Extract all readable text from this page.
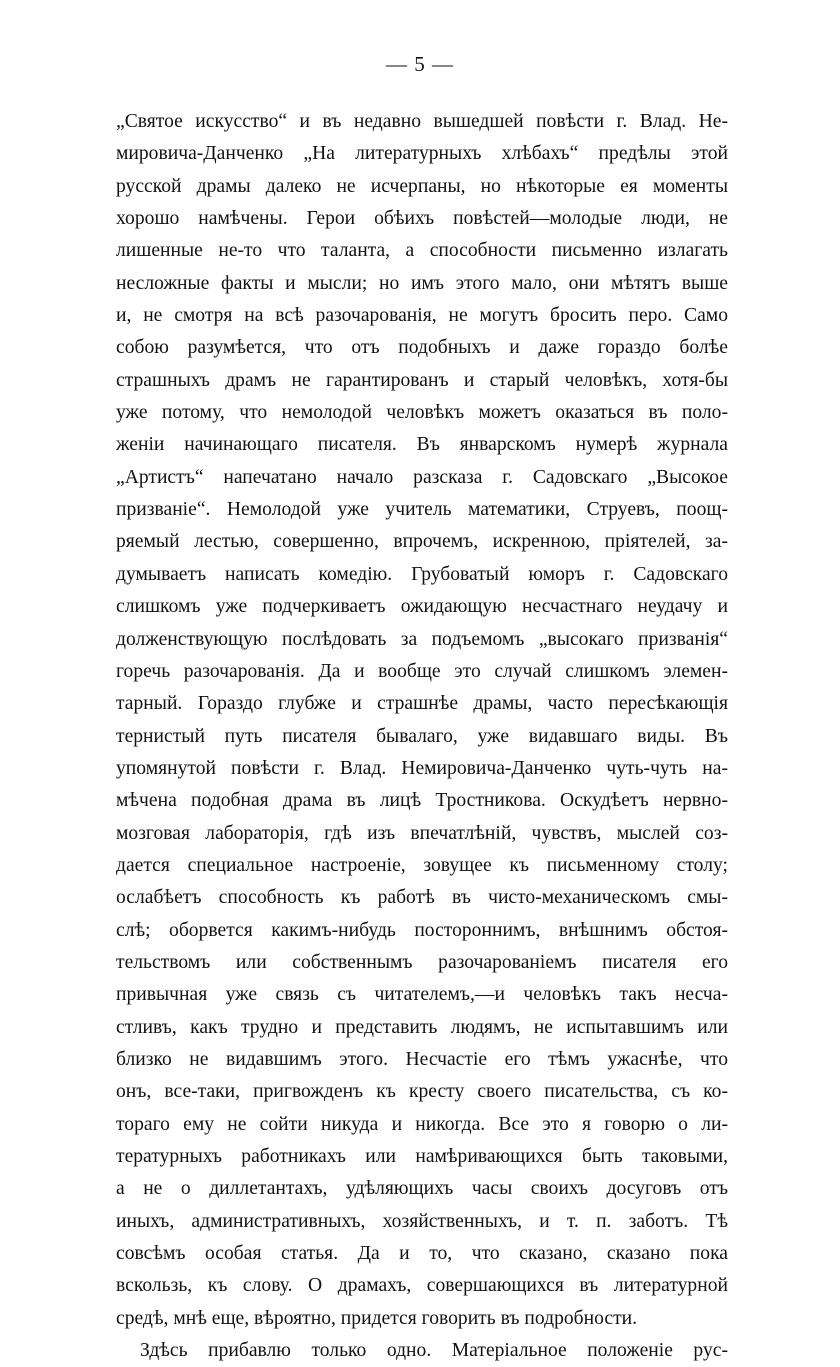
— 5 —
„Святое искусство“ и въ недавно вышедшей повѣсти г. Влад. Не-
мировича-Данченко „На литературныхъ хлѣбахъ“ предѣлы этой
русской драмы далеко не исчерпаны, но нѣкоторые ея моменты
хорошо намѣчены. Герои обѣихъ повѣстей—молодые люди, не
лишенные не-то что таланта, а способности письменно излагать
несложные факты и мысли; но имъ этого мало, они мѣтятъ выше
и, не смотря на всѣ разочарованія, не могутъ бросить перо. Само
собою разумѣется, что отъ подобныхъ и даже гораздо болѣе
страшныхъ драмъ не гарантированъ и старый человѣкъ, хотя-бы
уже потому, что немолодой человѣкъ можетъ оказаться въ поло-
женіи начинающаго писателя. Въ январскомъ нумерѣ журнала
„Артистъ“ напечатано начало разсказа г. Садовскаго „Высокое
призваніе“. Немолодой уже учитель математики, Струевъ, поощ-
ряемый лестью, совершенно, впрочемъ, искренною, пріятелей, за-
думываетъ написать комедію. Грубоватый юморъ г. Садовскаго
слишкомъ уже подчеркиваетъ ожидающую несчастнаго неудачу и
долженствующую послѣдовать за подъемомъ „высокаго призванія“
горечь разочарованія. Да и вообще это случай слишкомъ элемен-
тарный. Гораздо глубже и страшнѣе драмы, часто пересѣкающія
тернистый путь писателя бывалаго, уже видавшаго виды. Въ
упомянутой повѣсти г. Влад. Немировича-Данченко чуть-чуть на-
мѣчена подобная драма въ лицѣ Тростникова. Оскудѣетъ нервно-
мозговая лабораторія, гдѣ изъ впечатлѣній, чувствъ, мыслей соз-
дается специальное настроеніе, зовущее къ письменному столу;
ослабѣетъ способность къ работѣ въ чисто-механическомъ смы-
слѣ; оборвется какимъ-нибудь постороннимъ, внѣшнимъ обстоя-
тельствомъ или собственнымъ разочарованіемъ писателя его
привычная уже связь съ читателемъ,—и человѣкъ такъ несча-
стливъ, какъ трудно и представить людямъ, не испытавшимъ или
близко не видавшимъ этого. Несчастіе его тѣмъ ужаснѣе, что
онъ, все-таки, пригвожденъ къ кресту своего писательства, съ ко-
тораго ему не сойти никуда и никогда. Все это я говорю о ли-
тературныхъ работникахъ или намѣривающихся быть таковыми,
а не о диллетантахъ, удѣляющихъ часы своихъ досуговъ отъ
иныхъ, административныхъ, хозяйственныхъ, и т. п. заботъ. Тѣ
совсѣмъ особая статья. Да и то, что сказано, сказано пока
вскользь, къ слову. О драмахъ, совершающихся въ литературной
средѣ, мнѣ еще, вѣроятно, придется говорить въ подробности.
Здѣсь прибавлю только одно. Матеріальное положеніе рус-
